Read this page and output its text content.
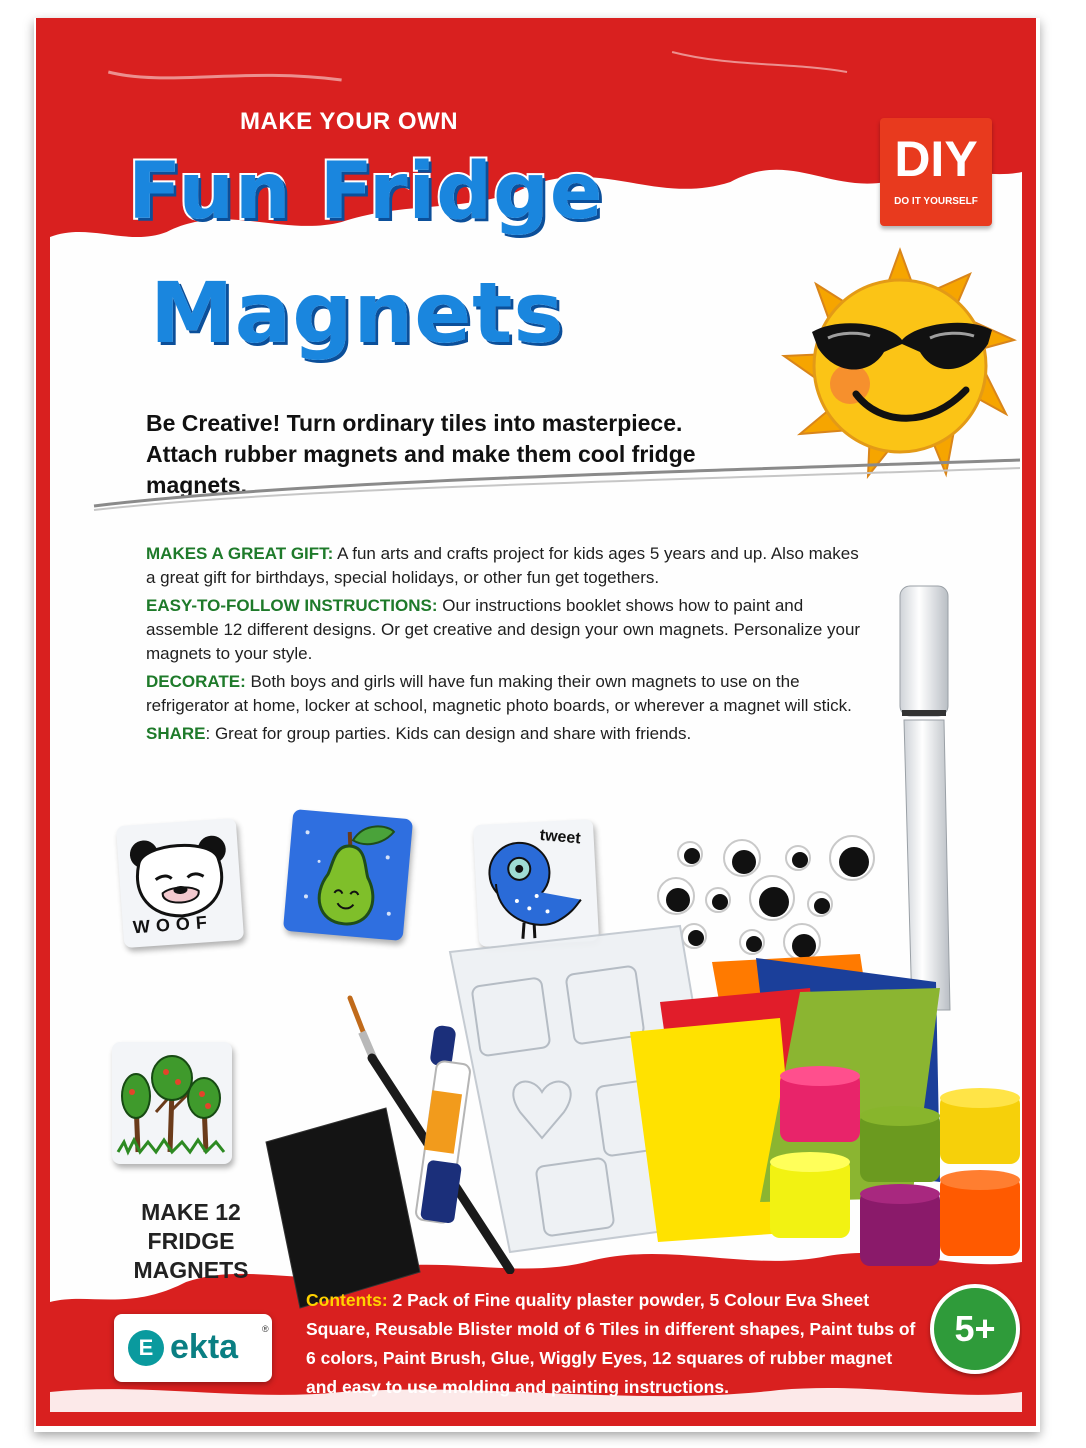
MAKE YOUR OWN
Fun Fridge
Magnets
DIY
DO IT YOURSELF
Be Creative! Turn ordinary tiles into masterpiece. Attach rubber magnets and make them cool fridge magnets.

MAKES A GREAT GIFT: A fun arts and crafts project for kids ages 5 years and up. Also makes a great gift for birthdays, special holidays, or other fun get togethers.

EASY-TO-FOLLOW INSTRUCTIONS: Our instructions booklet shows how to paint and assemble 12 different designs. Or get creative and design your own magnets. Personalize your magnets to your style.

DECORATE: Both boys and girls will have fun making their own magnets to use on the refrigerator at home, locker at school, magnetic photo boards, or wherever a magnet will stick.

SHARE: Great for group parties. Kids can design and share with friends.

WOOF
tweet
MAKE 12 FRIDGE MAGNETS
Contents: 2 Pack of Fine quality plaster powder, 5 Colour Eva Sheet Square, Reusable Blister mold of 6 Tiles in different shapes, Paint tubs of 6 colors, Paint Brush, Glue, Wiggly Eyes, 12 squares of rubber magnet and easy to use molding and painting instructions.
5+
E ekta	®
